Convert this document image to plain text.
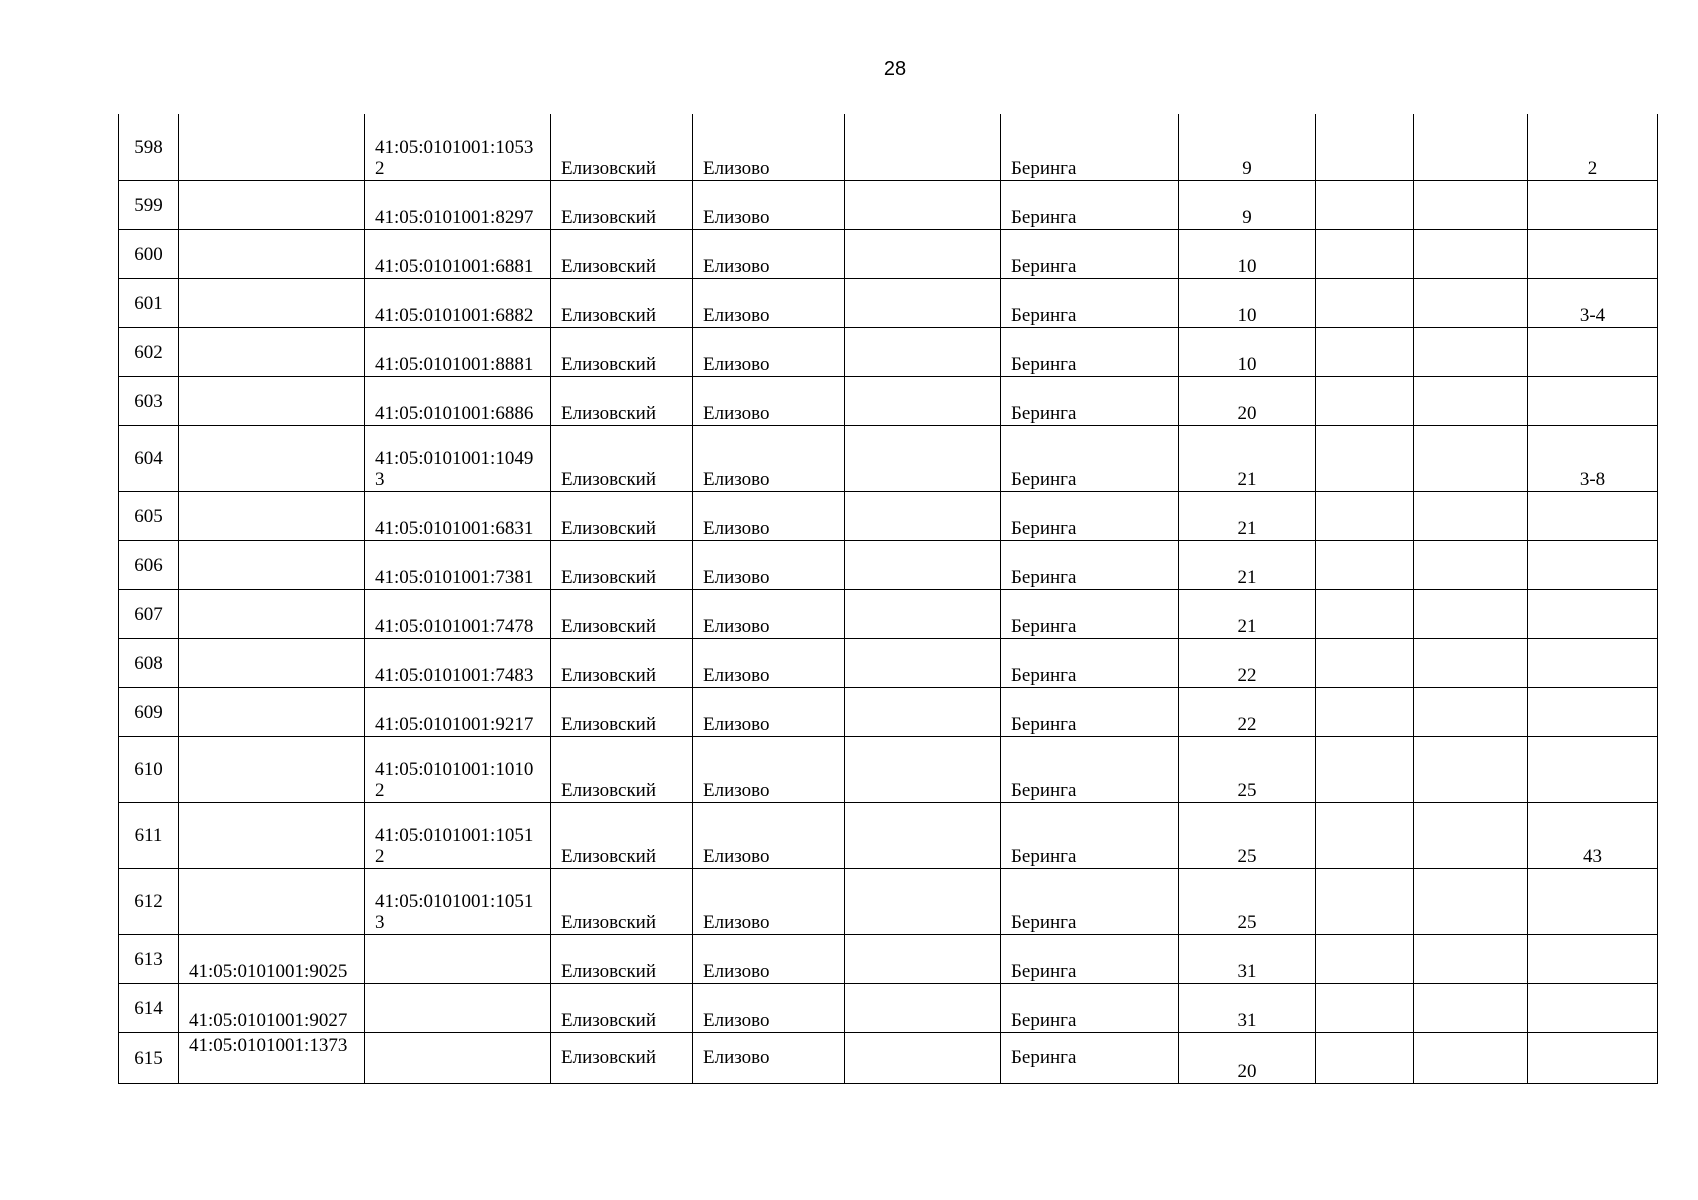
28
598		41:05:0101001:10532	Елизовский	Елизово		Беринга	9			2
599		41:05:0101001:8297	Елизовский	Елизово		Беринга	9			
600		41:05:0101001:6881	Елизовский	Елизово		Беринга	10			
601		41:05:0101001:6882	Елизовский	Елизово		Беринга	10			3-4
602		41:05:0101001:8881	Елизовский	Елизово		Беринга	10			
603		41:05:0101001:6886	Елизовский	Елизово		Беринга	20			
604		41:05:0101001:10493	Елизовский	Елизово		Беринга	21			3-8
605		41:05:0101001:6831	Елизовский	Елизово		Беринга	21			
606		41:05:0101001:7381	Елизовский	Елизово		Беринга	21			
607		41:05:0101001:7478	Елизовский	Елизово		Беринга	21			
608		41:05:0101001:7483	Елизовский	Елизово		Беринга	22			
609		41:05:0101001:9217	Елизовский	Елизово		Беринга	22			
610		41:05:0101001:10102	Елизовский	Елизово		Беринга	25			
611		41:05:0101001:10512	Елизовский	Елизово		Беринга	25			43
612		41:05:0101001:10513	Елизовский	Елизово		Беринга	25			
613	41:05:0101001:9025		Елизовский	Елизово		Беринга	31			
614	41:05:0101001:9027		Елизовский	Елизово		Беринга	31			
615	41:05:0101001:1373		Елизовский	Елизово		Беринга	20			
